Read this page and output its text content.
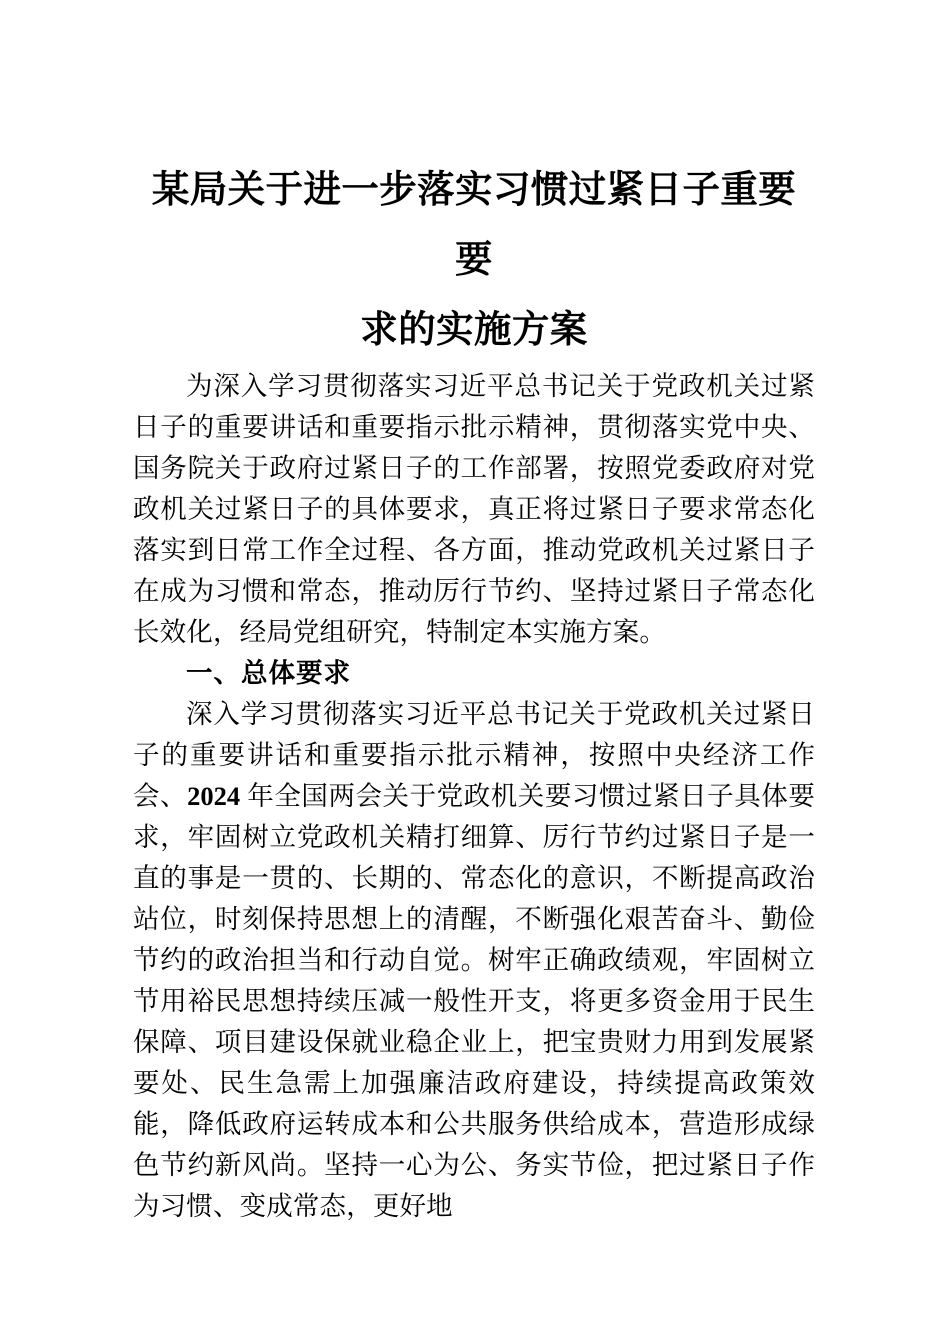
某局关于进一步落实习惯过紧日子重要要
求的实施方案

为深入学习贯彻落实习近平总书记关于党政机关过紧日子的重要讲话和重要指示批示精神，贯彻落实党中央、国务院关于政府过紧日子的工作部署，按照党委政府对党政机关过紧日子的具体要求，真正将过紧日子要求常态化落实到日常工作全过程、各方面，推动党政机关过紧日子在成为习惯和常态，推动厉行节约、坚持过紧日子常态化长效化，经局党组研究，特制定本实施方案。

一、总体要求

深入学习贯彻落实习近平总书记关于党政机关过紧日子的重要讲话和重要指示批示精神，按照中央经济工作会、2024 年全国两会关于党政机关要习惯过紧日子具体要求，牢固树立党政机关精打细算、厉行节约过紧日子是一直的事是一贯的、长期的、常态化的意识，不断提高政治站位，时刻保持思想上的清醒，不断强化艰苦奋斗、勤俭节约的政治担当和行动自觉。树牢正确政绩观，牢固树立节用裕民思想持续压减一般性开支，将更多资金用于民生保障、项目建设保就业稳企业上，把宝贵财力用到发展紧要处、民生急需上加强廉洁政府建设，持续提高政策效能，降低政府运转成本和公共服务供给成本，营造形成绿色节约新风尚。坚持一心为公、务实节俭，把过紧日子作为习惯、变成常态，更好地
